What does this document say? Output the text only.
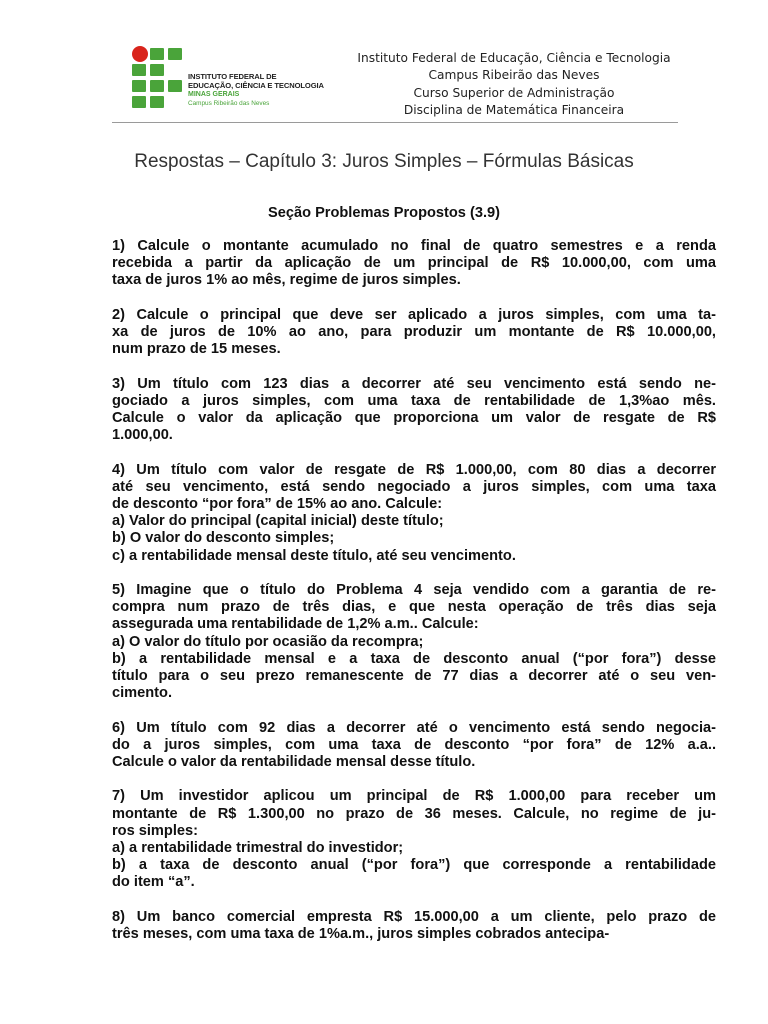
INSTITUTO FEDERAL DE
EDUCAÇÃO, CIÊNCIA E TECNOLOGIA
MINAS GERAIS
Campus Ribeirão das Neves
Instituto Federal de Educação, Ciência e Tecnologia
Campus Ribeirão das Neves
Curso Superior de Administração
Disciplina de Matemática Financeira
Respostas – Capítulo 3: Juros Simples – Fórmulas Básicas
Seção Problemas Propostos (3.9)
1) Calcule o montante acumulado no final de quatro semestres e a renda
recebida a partir da aplicação de um principal de R$ 10.000,00, com uma
taxa de juros 1% ao mês, regime de juros simples.
2) Calcule o principal que deve ser aplicado a juros simples, com uma ta-
xa de juros de 10% ao ano, para produzir um montante de R$ 10.000,00,
num prazo de 15 meses.
3) Um título com 123 dias a decorrer até seu vencimento está sendo ne-
gociado a juros simples, com uma taxa de rentabilidade de 1,3%ao mês.
Calcule o valor da aplicação que proporciona um valor de resgate de R$
1.000,00.
4) Um título com valor de resgate de R$ 1.000,00, com 80 dias a decorrer
até seu vencimento, está sendo negociado a juros simples, com uma taxa
de desconto “por fora” de 15% ao ano. Calcule:
a) Valor do principal (capital inicial) deste título;
b) O valor do desconto simples;
c) a rentabilidade mensal deste título, até seu vencimento.
5) Imagine que o título do Problema 4 seja vendido com a garantia de re-
compra num prazo de três dias, e que nesta operação de três dias seja
assegurada uma rentabilidade de 1,2% a.m.. Calcule:
a) O valor do título por ocasião da recompra;
b) a rentabilidade mensal e a taxa de desconto anual (“por fora”) desse
título para o seu prezo remanescente de 77 dias a decorrer até o seu ven-
cimento.
6) Um título com 92 dias a decorrer até o vencimento está sendo negocia-
do a juros simples, com uma taxa de desconto “por fora” de 12% a.a..
Calcule o valor da rentabilidade mensal desse título.
7) Um investidor aplicou um principal de R$ 1.000,00 para receber um
montante de R$ 1.300,00 no prazo de 36 meses. Calcule, no regime de ju-
ros simples:
a) a rentabilidade trimestral do investidor;
b) a taxa de desconto anual (“por fora”) que corresponde a rentabilidade
do item “a”.
8) Um banco comercial empresta R$ 15.000,00 a um cliente, pelo prazo de
três meses, com uma taxa de 1%a.m., juros simples cobrados antecipa-
